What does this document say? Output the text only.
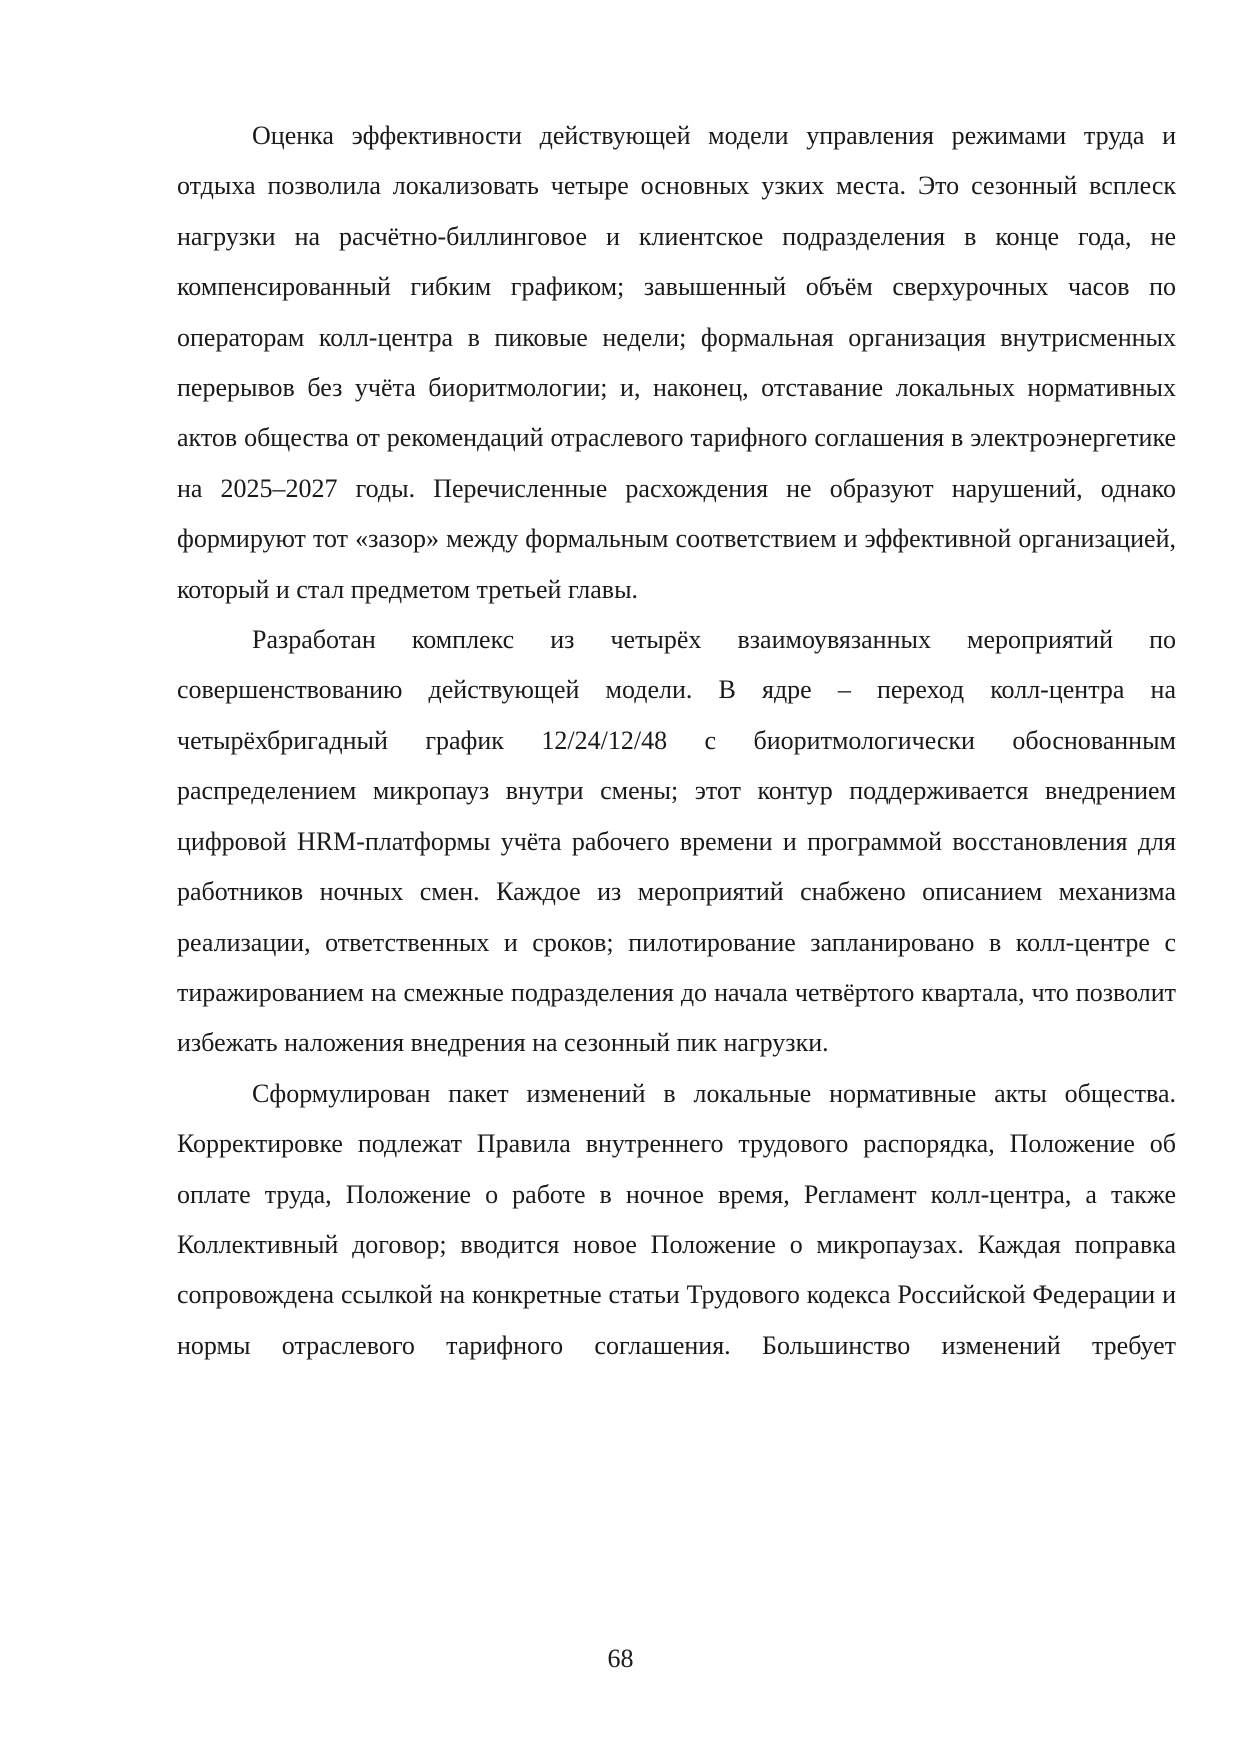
Оценка эффективности действующей модели управления режимами труда и отдыха позволила локализовать четыре основных узких места. Это сезонный всплеск нагрузки на расчётно-биллинговое и клиентское подразделения в конце года, не компенсированный гибким графиком; завышенный объём сверхурочных часов по операторам колл-центра в пиковые недели; формальная организация внутрисменных перерывов без учёта биоритмологии; и, наконец, отставание локальных нормативных актов общества от рекомендаций отраслевого тарифного соглашения в электроэнергетике на 2025–2027 годы. Перечисленные расхождения не образуют нарушений, однако формируют тот «зазор» между формальным соответствием и эффективной организацией, который и стал предметом третьей главы.

Разработан комплекс из четырёх взаимоувязанных мероприятий по совершенствованию действующей модели. В ядре – переход колл-центра на четырёхбригадный график 12/24/12/48 с биоритмологически обоснованным распределением микропауз внутри смены; этот контур поддерживается внедрением цифровой HRM-платформы учёта рабочего времени и программой восстановления для работников ночных смен. Каждое из мероприятий снабжено описанием механизма реализации, ответственных и сроков; пилотирование запланировано в колл-центре с тиражированием на смежные подразделения до начала четвёртого квартала, что позволит избежать наложения внедрения на сезонный пик нагрузки.

Сформулирован пакет изменений в локальные нормативные акты общества. Корректировке подлежат Правила внутреннего трудового распорядка, Положение об оплате труда, Положение о работе в ночное время, Регламент колл-центра, а также Коллективный договор; вводится новое Положение о микропаузах. Каждая поправка сопровождена ссылкой на конкретные статьи Трудового кодекса Российской Федерации и нормы отраслевого тарифного соглашения. Большинство изменений требует

68
